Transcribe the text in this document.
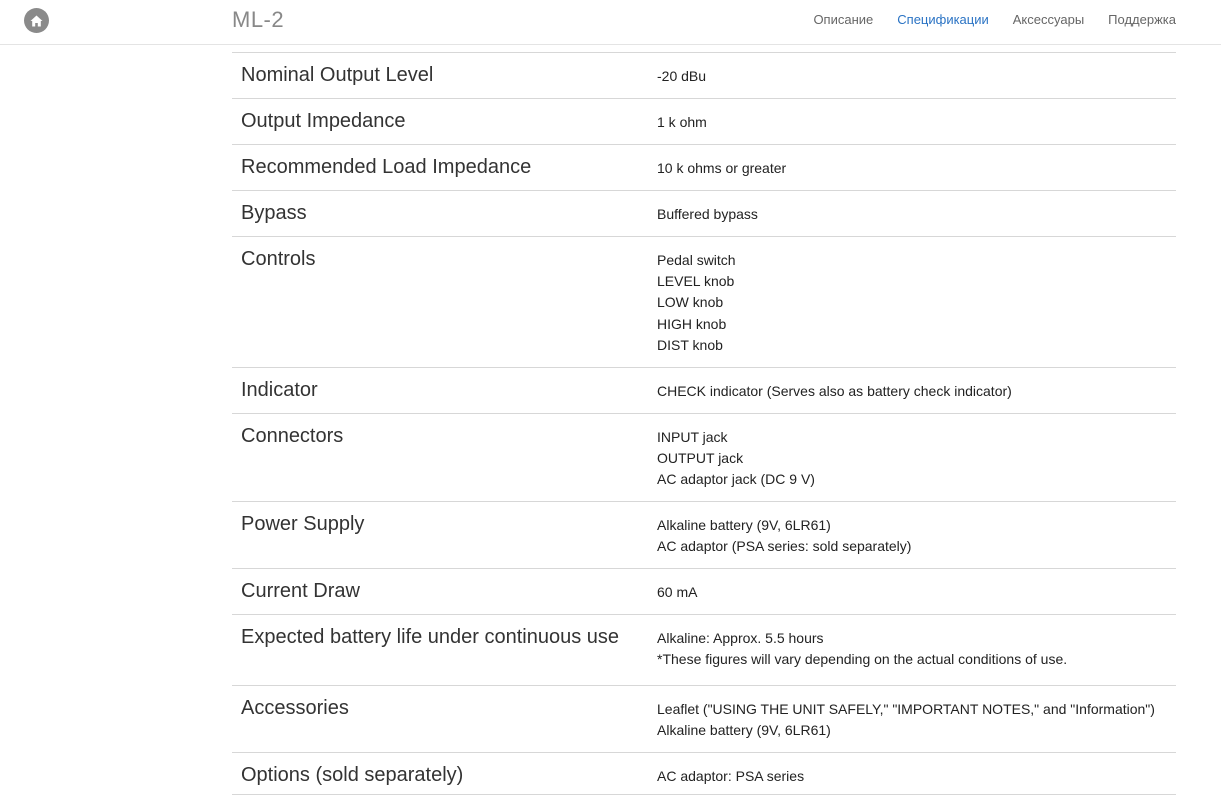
ML-2	Описание Спецификации Аксессуары Поддержка
Nominal Output Level	-20 dBu
Output Impedance	1 k ohm
Recommended Load Impedance	10 k ohms or greater
Bypass	Buffered bypass
Controls	Pedal switch
LEVEL knob
LOW knob
HIGH knob
DIST knob
Indicator	CHECK indicator (Serves also as battery check indicator)
Connectors	INPUT jack
OUTPUT jack
AC adaptor jack (DC 9 V)
Power Supply	Alkaline battery (9V, 6LR61)
AC adaptor (PSA series: sold separately)
Current Draw	60 mA
Expected battery life under continuous use	Alkaline: Approx. 5.5 hours
*These figures will vary depending on the actual conditions of use.
Accessories	Leaflet ("USING THE UNIT SAFELY," "IMPORTANT NOTES," and "Information")
Alkaline battery (9V, 6LR61)
Options (sold separately)	AC adaptor: PSA series
